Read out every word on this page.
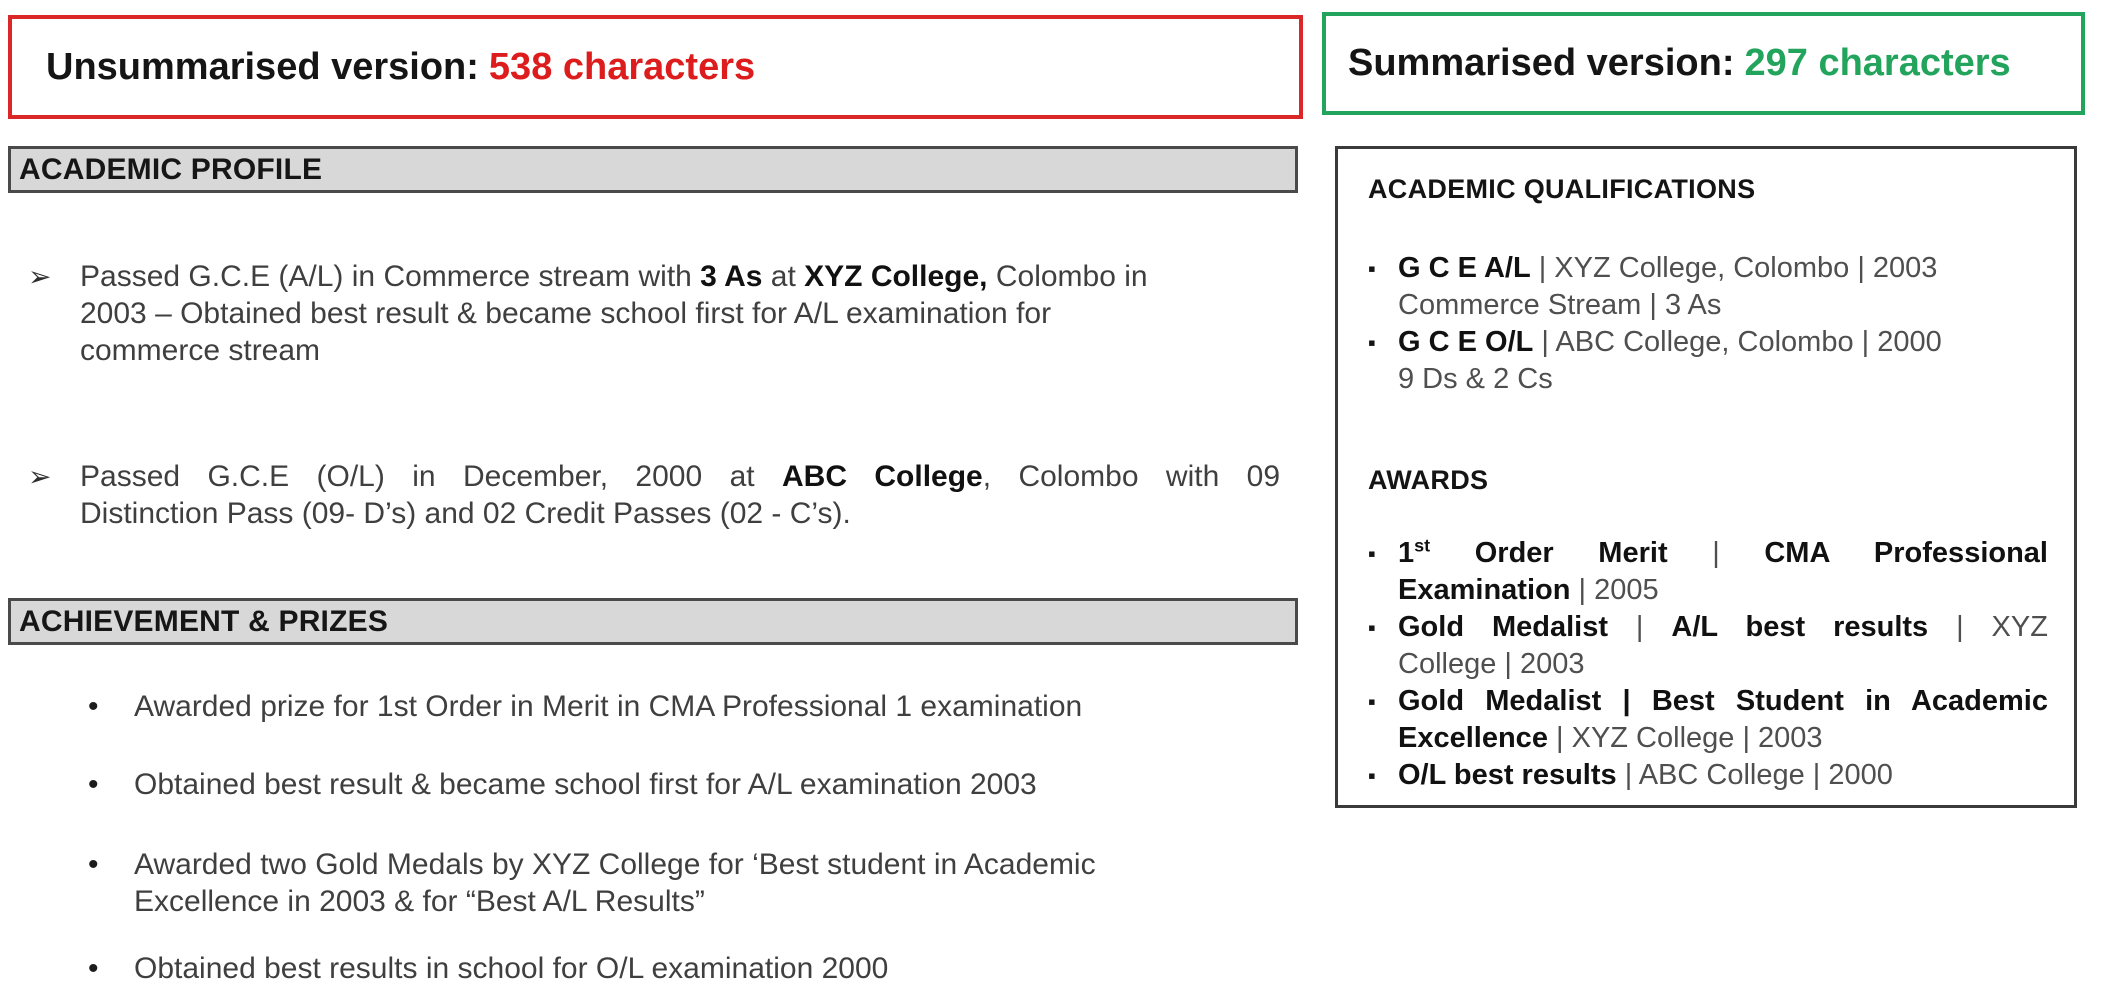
Unsummarised version: 538 characters	Summarised version: 297 characters
ACADEMIC PROFILE
➢ Passed G.C.E (A/L) in Commerce stream with 3 As at XYZ College, Colombo in
2003 – Obtained best result & became school first for A/L examination for
commerce stream
➢ Passed G.C.E (O/L) in December, 2000 at ABC College, Colombo with 09
Distinction Pass (09- D’s) and 02 Credit Passes (02 - C’s).
ACHIEVEMENT & PRIZES
•	Awarded prize for 1st Order in Merit in CMA Professional 1 examination
•	Obtained best result & became school first for A/L examination 2003
•	Awarded two Gold Medals by XYZ College for ‘Best student in Academic
Excellence in 2003 & for “Best A/L Results”
•	Obtained best results in school for O/L examination 2000
ACADEMIC QUALIFICATIONS
▪ G C E A/L | XYZ College, Colombo | 2003
Commerce Stream | 3 As
▪ G C E O/L | ABC College, Colombo | 2000
9 Ds & 2 Cs
AWARDS
▪ 1st Order Merit | CMA Professional
Examination | 2005
▪ Gold Medalist | A/L best results | XYZ
College | 2003
▪ Gold Medalist | Best Student in Academic
Excellence | XYZ College | 2003
▪ O/L best results | ABC College | 2000
